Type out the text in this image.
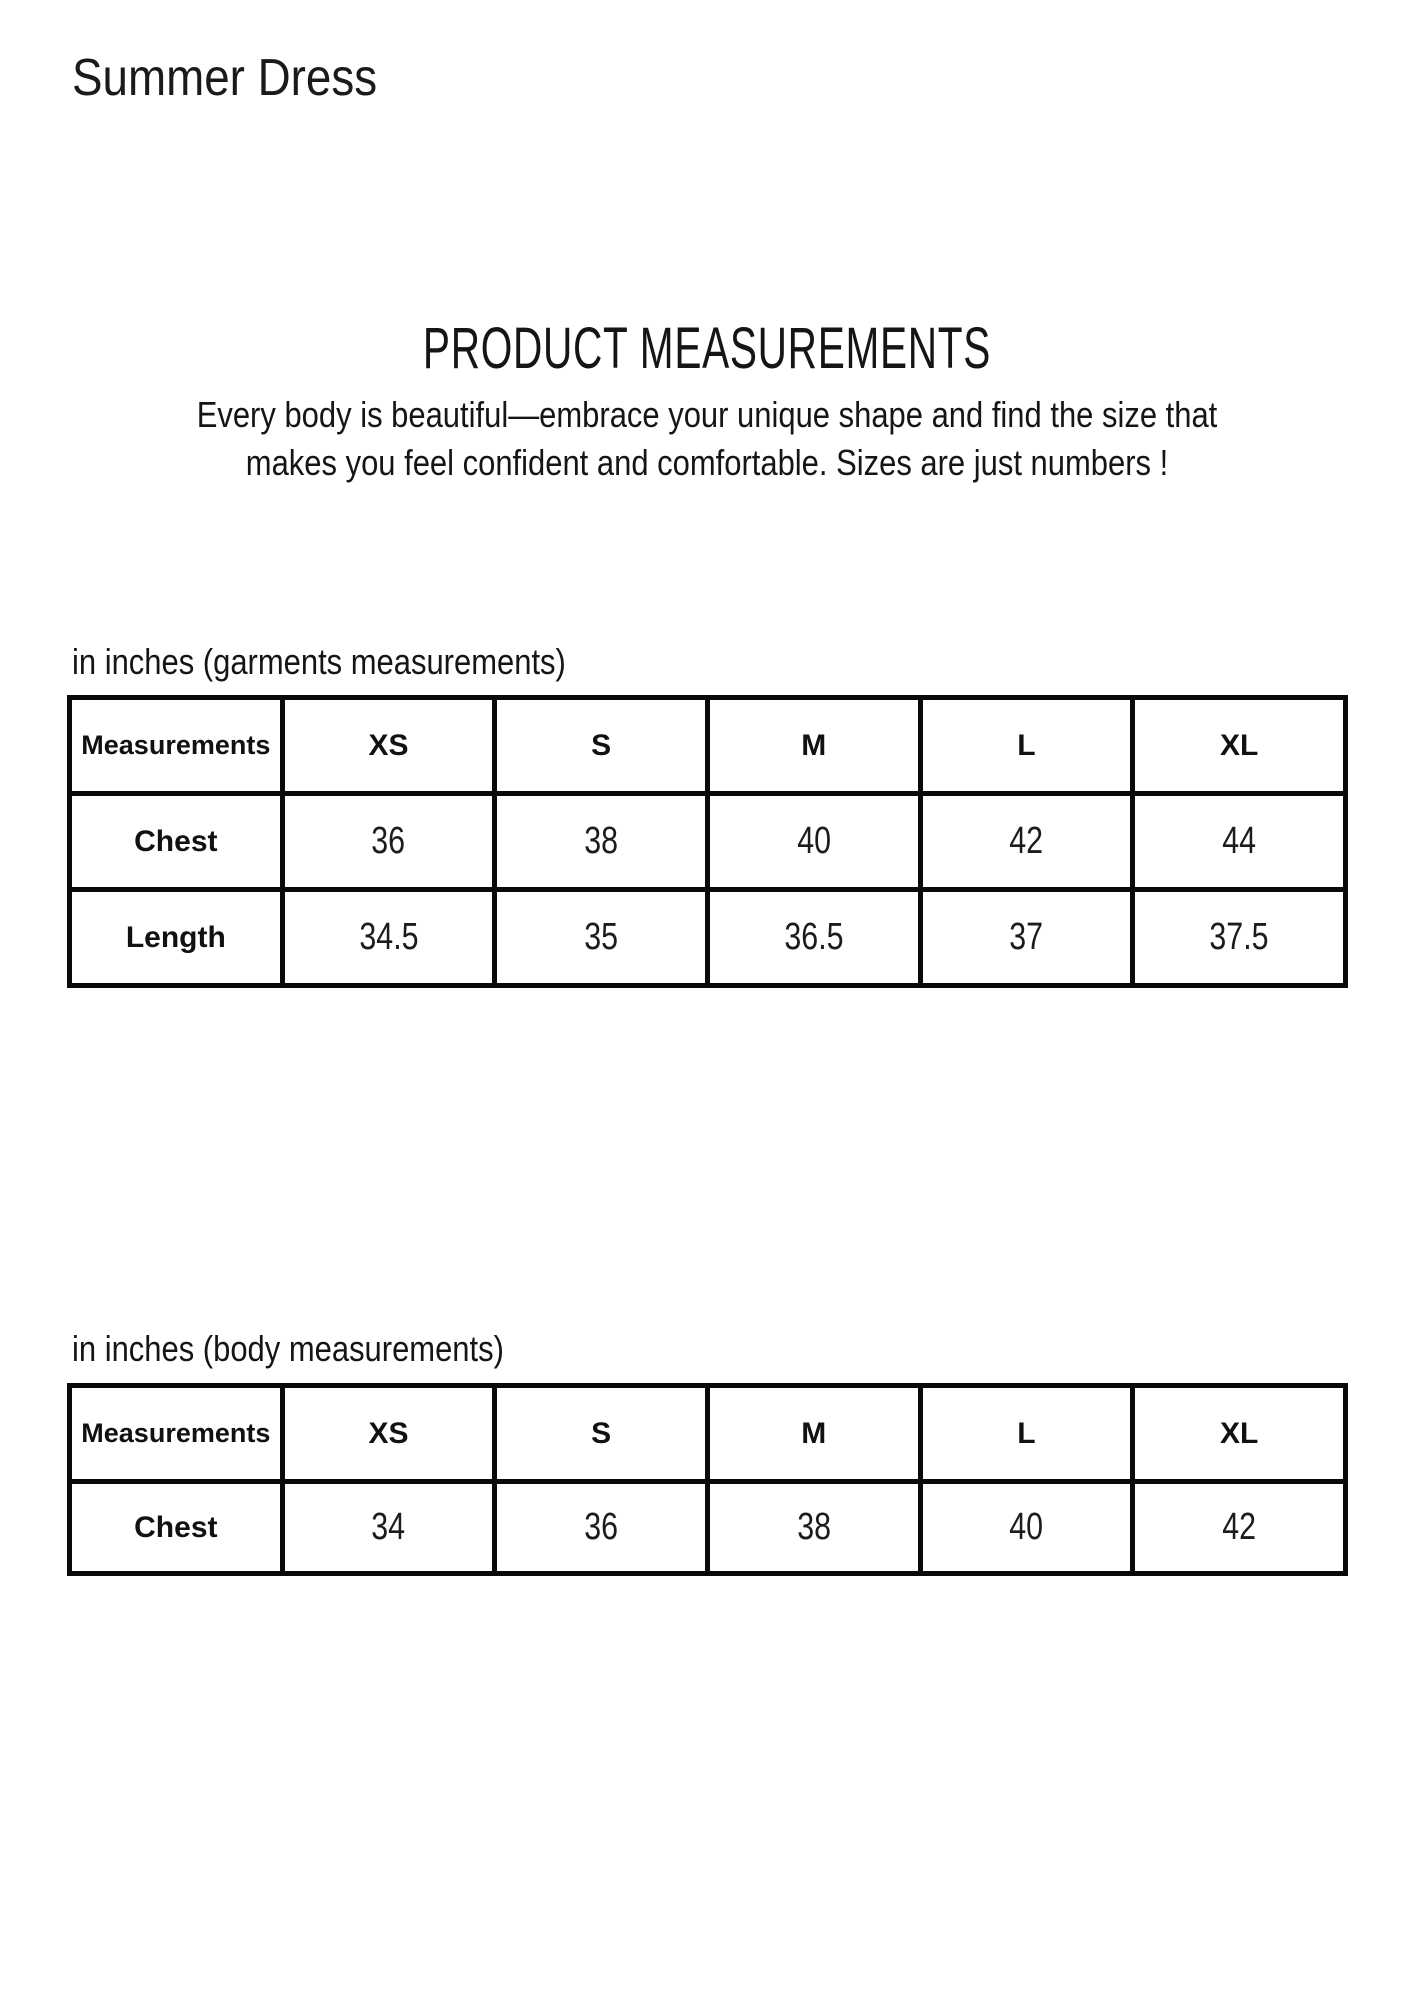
Summer Dress
PRODUCT MEASUREMENTS

Every body is beautiful—embrace your unique shape and find the size that
makes you feel confident and comfortable. Sizes are just numbers !

in inches (garments measurements)
Measurements	XS	S	M	L	XL
Chest	36	38	40	42	44
Length	34.5	35	36.5	37	37.5
in inches (body measurements)
Measurements	XS	S	M	L	XL
Chest	34	36	38	40	42
